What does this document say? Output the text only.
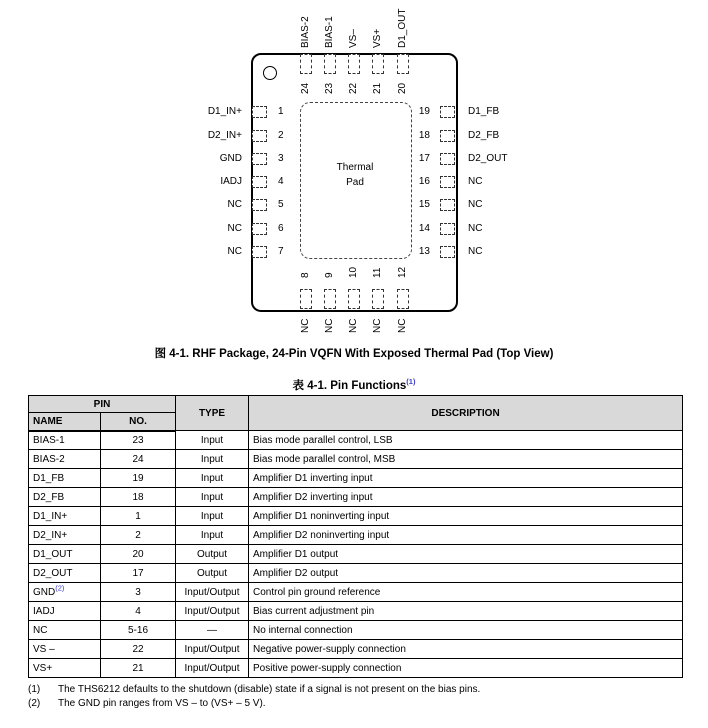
Thermal
Pad
24
BIAS-2
23
BIAS-1
22
VS–
21
VS+
20
D1_OUT
1
D1_IN+
2
D2_IN+
3
GND
4
IADJ
5
NC
6
NC
7
NC
19	D1_FB
18	D2_FB
17	D2_OUT
16	NC
15	NC
14	NC
13	NC
8
NC
9
NC
10
NC
11
NC
12
NC
图 4-1. RHF Package, 24-Pin VQFN With Exposed Thermal Pad (Top View)
表 4-1. Pin Functions$^{(1)}$
PIN		TYPE	DESCRIPTION
NAME	NO.		
BIAS-1	23	Input	Bias mode parallel control, LSB
BIAS-2	24	Input	Bias mode parallel control, MSB
D1_FB	19	Input	Amplifier D1 inverting input
D2_FB	18	Input	Amplifier D2 inverting input
D1_IN+	1	Input	Amplifier D1 noninverting input
D2_IN+	2	Input	Amplifier D2 noninverting input
D1_OUT	20	Output	Amplifier D1 output
D2_OUT	17	Output	Amplifier D2 output
GND$^{(2)}$	3	Input/Output	Control pin ground reference
IADJ	4	Input/Output	Bias current adjustment pin
NC	5-16	—	No internal connection
VS –	22	Input/Output	Negative power-supply connection
VS+	21	Input/Output	Positive power-supply connection
(1)	The THS6212 defaults to the shutdown (disable) state if a signal is not present on the bias pins.
(2)	The GND pin ranges from VS – to (VS+ – 5 V).
